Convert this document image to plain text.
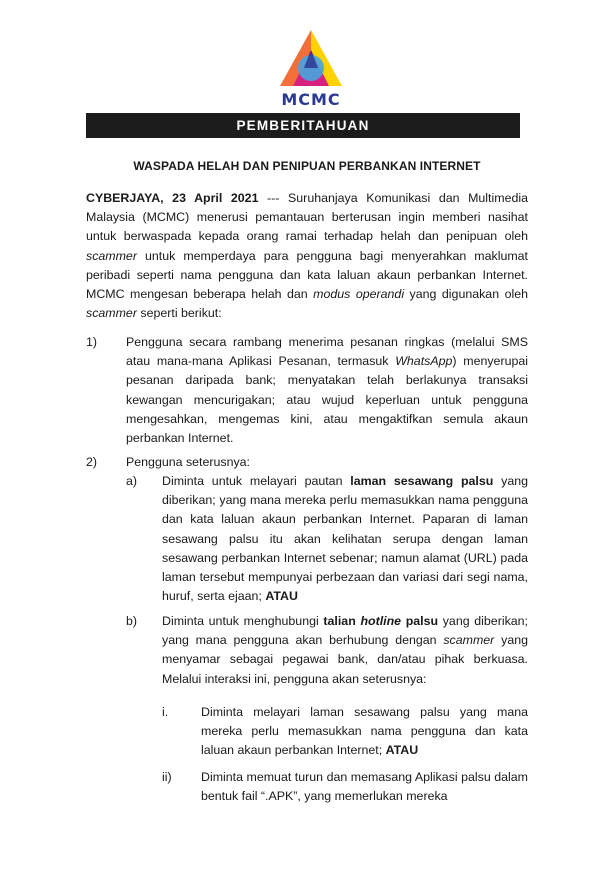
MCMC
PEMBERITAHUAN
WASPADA HELAH DAN PENIPUAN PERBANKAN INTERNET
CYBERJAYA, 23 April 2021 --- Suruhanjaya Komunikasi dan Multimedia Malaysia (MCMC) menerusi pemantauan berterusan ingin memberi nasihat untuk berwaspada kepada orang ramai terhadap helah dan penipuan oleh scammer untuk memperdaya para pengguna bagi menyerahkan maklumat peribadi seperti nama pengguna dan kata laluan akaun perbankan Internet. MCMC mengesan beberapa helah dan modus operandi yang digunakan oleh scammer seperti berikut:
1) Pengguna secara rambang menerima pesanan ringkas (melalui SMS atau mana-mana Aplikasi Pesanan, termasuk WhatsApp) menyerupai pesanan daripada bank; menyatakan telah berlakunya transaksi kewangan mencurigakan; atau wujud keperluan untuk pengguna mengesahkan, mengemas kini, atau mengaktifkan semula akaun perbankan Internet.
2) Pengguna seterusnya:
a) Diminta untuk melayari pautan laman sesawang palsu yang diberikan; yang mana mereka perlu memasukkan nama pengguna dan kata laluan akaun perbankan Internet. Paparan di laman sesawang palsu itu akan kelihatan serupa dengan laman sesawang perbankan Internet sebenar; namun alamat (URL) pada laman tersebut mempunyai perbezaan dan variasi dari segi nama, huruf, serta ejaan; ATAU
b) Diminta untuk menghubungi talian hotline palsu yang diberikan; yang mana pengguna akan berhubung dengan scammer yang menyamar sebagai pegawai bank, dan/atau pihak berkuasa. Melalui interaksi ini, pengguna akan seterusnya:
i.	Diminta melayari laman sesawang palsu yang mana mereka perlu memasukkan nama pengguna dan kata laluan akaun perbankan Internet; ATAU
ii) Diminta memuat turun dan memasang Aplikasi palsu dalam bentuk fail “.APK”, yang memerlukan mereka
